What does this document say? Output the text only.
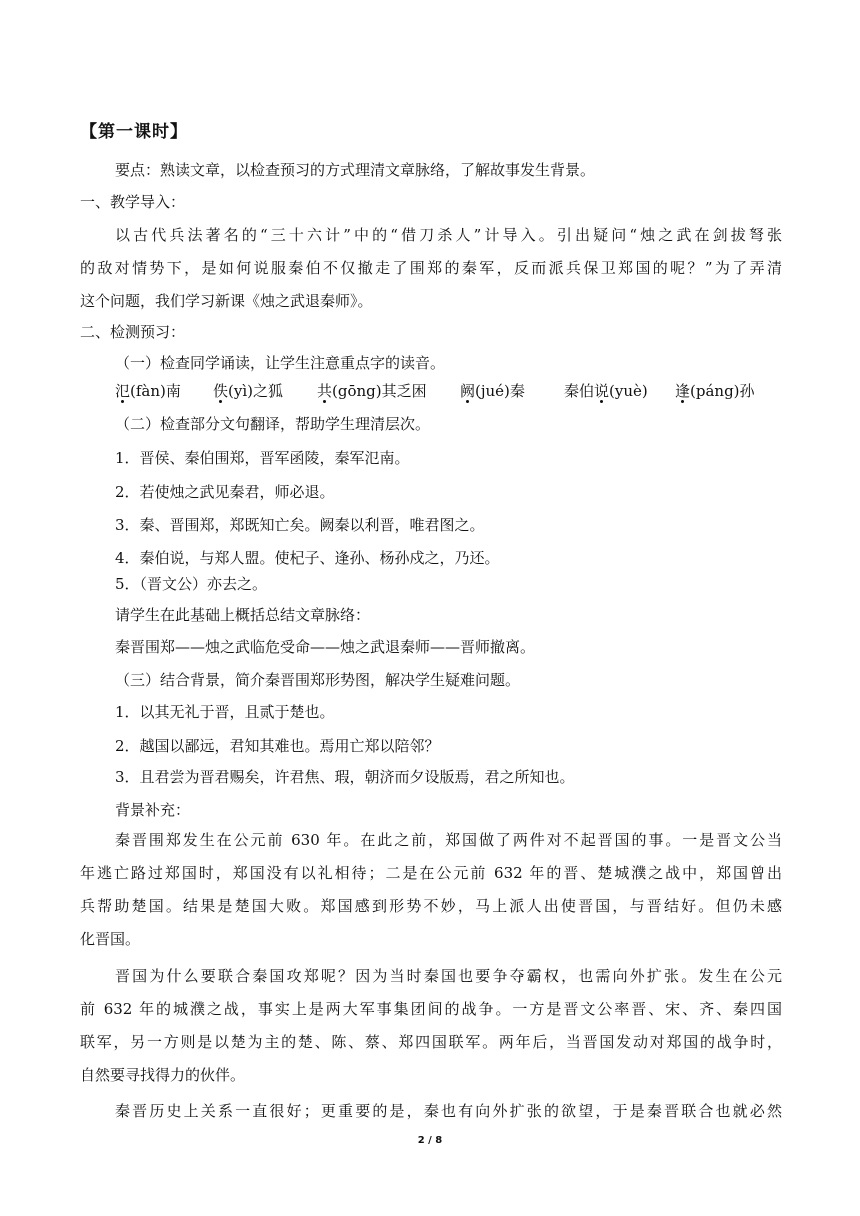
【第一课时】
要点：熟读文章，以检查预习的方式理清文章脉络，了解故事发生背景。
一、教学导入：
以古代兵法著名的“三十六计”中的“借刀杀人”计导入。引出疑问“烛之武在剑拔弩张
的敌对情势下，是如何说服秦伯不仅撤走了围郑的秦军，反而派兵保卫郑国的呢？”为了弄清
这个问题，我们学习新课《烛之武退秦师》。
二、检测预习：
（一）检查同学诵读，让学生注意重点字的读音。
氾(fàn)南 佚(yì)之狐 共(gōng)其乏困 阙(jué)秦	秦伯说(yuè) 逢(páng)孙
（二）检查部分文句翻译，帮助学生理清层次。
1．晋侯、秦伯围郑，晋军函陵，秦军氾南。
2．若使烛之武见秦君，师必退。
3．秦、晋围郑，郑既知亡矣。阙秦以利晋，唯君图之。
4．秦伯说，与郑人盟。使杞子、逢孙、杨孙戍之，乃还。
5．（晋文公）亦去之。
请学生在此基础上概括总结文章脉络：
秦晋围郑——烛之武临危受命——烛之武退秦师——晋师撤离。
（三）结合背景，简介秦晋围郑形势图，解决学生疑难问题。
1．以其无礼于晋，且贰于楚也。
2．越国以鄙远，君知其难也。焉用亡郑以陪邻？
3．且君尝为晋君赐矣，许君焦、瑕，朝济而夕设版焉，君之所知也。
背景补充：
秦晋围郑发生在公元前 630 年。在此之前，郑国做了两件对不起晋国的事。一是晋文公当
年逃亡路过郑国时，郑国没有以礼相待；二是在公元前 632 年的晋、楚城濮之战中，郑国曾出
兵帮助楚国。结果是楚国大败。郑国感到形势不妙，马上派人出使晋国，与晋结好。但仍未感
化晋国。
晋国为什么要联合秦国攻郑呢？因为当时秦国也要争夺霸权，也需向外扩张。发生在公元
前 632 年的城濮之战，事实上是两大军事集团间的战争。一方是晋文公率晋、宋、齐、秦四国
联军，另一方则是以楚为主的楚、陈、蔡、郑四国联军。两年后，当晋国发动对郑国的战争时，
自然要寻找得力的伙伴。
秦晋历史上关系一直很好；更重要的是，秦也有向外扩张的欲望，于是秦晋联合也就必然
2 / 8
